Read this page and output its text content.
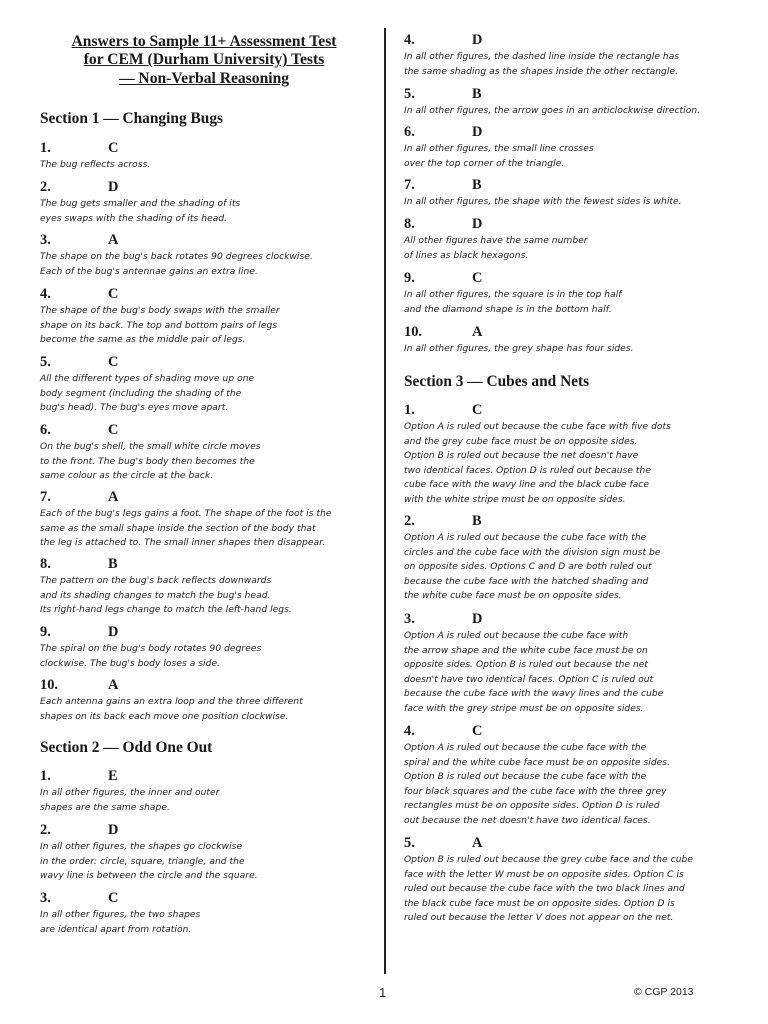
Answers to Sample 11+ Assessment Test
for CEM (Durham University) Tests
— Non-Verbal Reasoning
Section 1 — Changing Bugs
1.	C
The bug reflects across.
2.	D
The bug gets smaller and the shading of its
eyes swaps with the shading of its head.
3.	A
The shape on the bug's back rotates 90 degrees clockwise.
Each of the bug's antennae gains an extra line.
4.	C
The shape of the bug's body swaps with the smaller
shape on its back. The top and bottom pairs of legs
become the same as the middle pair of legs.
5.	C
All the different types of shading move up one
body segment (including the shading of the
bug's head). The bug's eyes move apart.
6.	C
On the bug's shell, the small white circle moves
to the front. The bug's body then becomes the
same colour as the circle at the back.
7.	A
Each of the bug's legs gains a foot. The shape of the foot is the
same as the small shape inside the section of the body that
the leg is attached to. The small inner shapes then disappear.
8.	B
The pattern on the bug's back reflects downwards
and its shading changes to match the bug's head.
Its right-hand legs change to match the left-hand legs.
9.	D
The spiral on the bug's body rotates 90 degrees
clockwise. The bug's body loses a side.
10.	A
Each antenna gains an extra loop and the three different
shapes on its back each move one position clockwise.
Section 2 — Odd One Out
1.	E
In all other figures, the inner and outer
shapes are the same shape.
2.	D
In all other figures, the shapes go clockwise
in the order: circle, square, triangle, and the
wavy line is between the circle and the square.
3.	C
In all other figures, the two shapes
are identical apart from rotation.
4.	D
In all other figures, the dashed line inside the rectangle has
the same shading as the shapes inside the other rectangle.
5.	B
In all other figures, the arrow goes in an anticlockwise direction.
6.	D
In all other figures, the small line crosses
over the top corner of the triangle.
7.	B
In all other figures, the shape with the fewest sides is white.
8.	D
All other figures have the same number
of lines as black hexagons.
9.	C
In all other figures, the square is in the top half
and the diamond shape is in the bottom half.
10.	A
In all other figures, the grey shape has four sides.
Section 3 — Cubes and Nets
1.	C
Option A is ruled out because the cube face with five dots
and the grey cube face must be on opposite sides.
Option B is ruled out because the net doesn't have
two identical faces. Option D is ruled out because the
cube face with the wavy line and the black cube face
with the white stripe must be on opposite sides.
2.	B
Option A is ruled out because the cube face with the
circles and the cube face with the division sign must be
on opposite sides. Options C and D are both ruled out
because the cube face with the hatched shading and
the white cube face must be on opposite sides.
3.	D
Option A is ruled out because the cube face with
the arrow shape and the white cube face must be on
opposite sides. Option B is ruled out because the net
doesn't have two identical faces. Option C is ruled out
because the cube face with the wavy lines and the cube
face with the grey stripe must be on opposite sides.
4.	C
Option A is ruled out because the cube face with the
spiral and the white cube face must be on opposite sides.
Option B is ruled out because the cube face with the
four black squares and the cube face with the three grey
rectangles must be on opposite sides. Option D is ruled
out because the net doesn't have two identical faces.
5.	A
Option B is ruled out because the grey cube face and the cube
face with the letter W must be on opposite sides. Option C is
ruled out because the cube face with the two black lines and
the black cube face must be on opposite sides. Option D is
ruled out because the letter V does not appear on the net.
1	© CGP 2013
